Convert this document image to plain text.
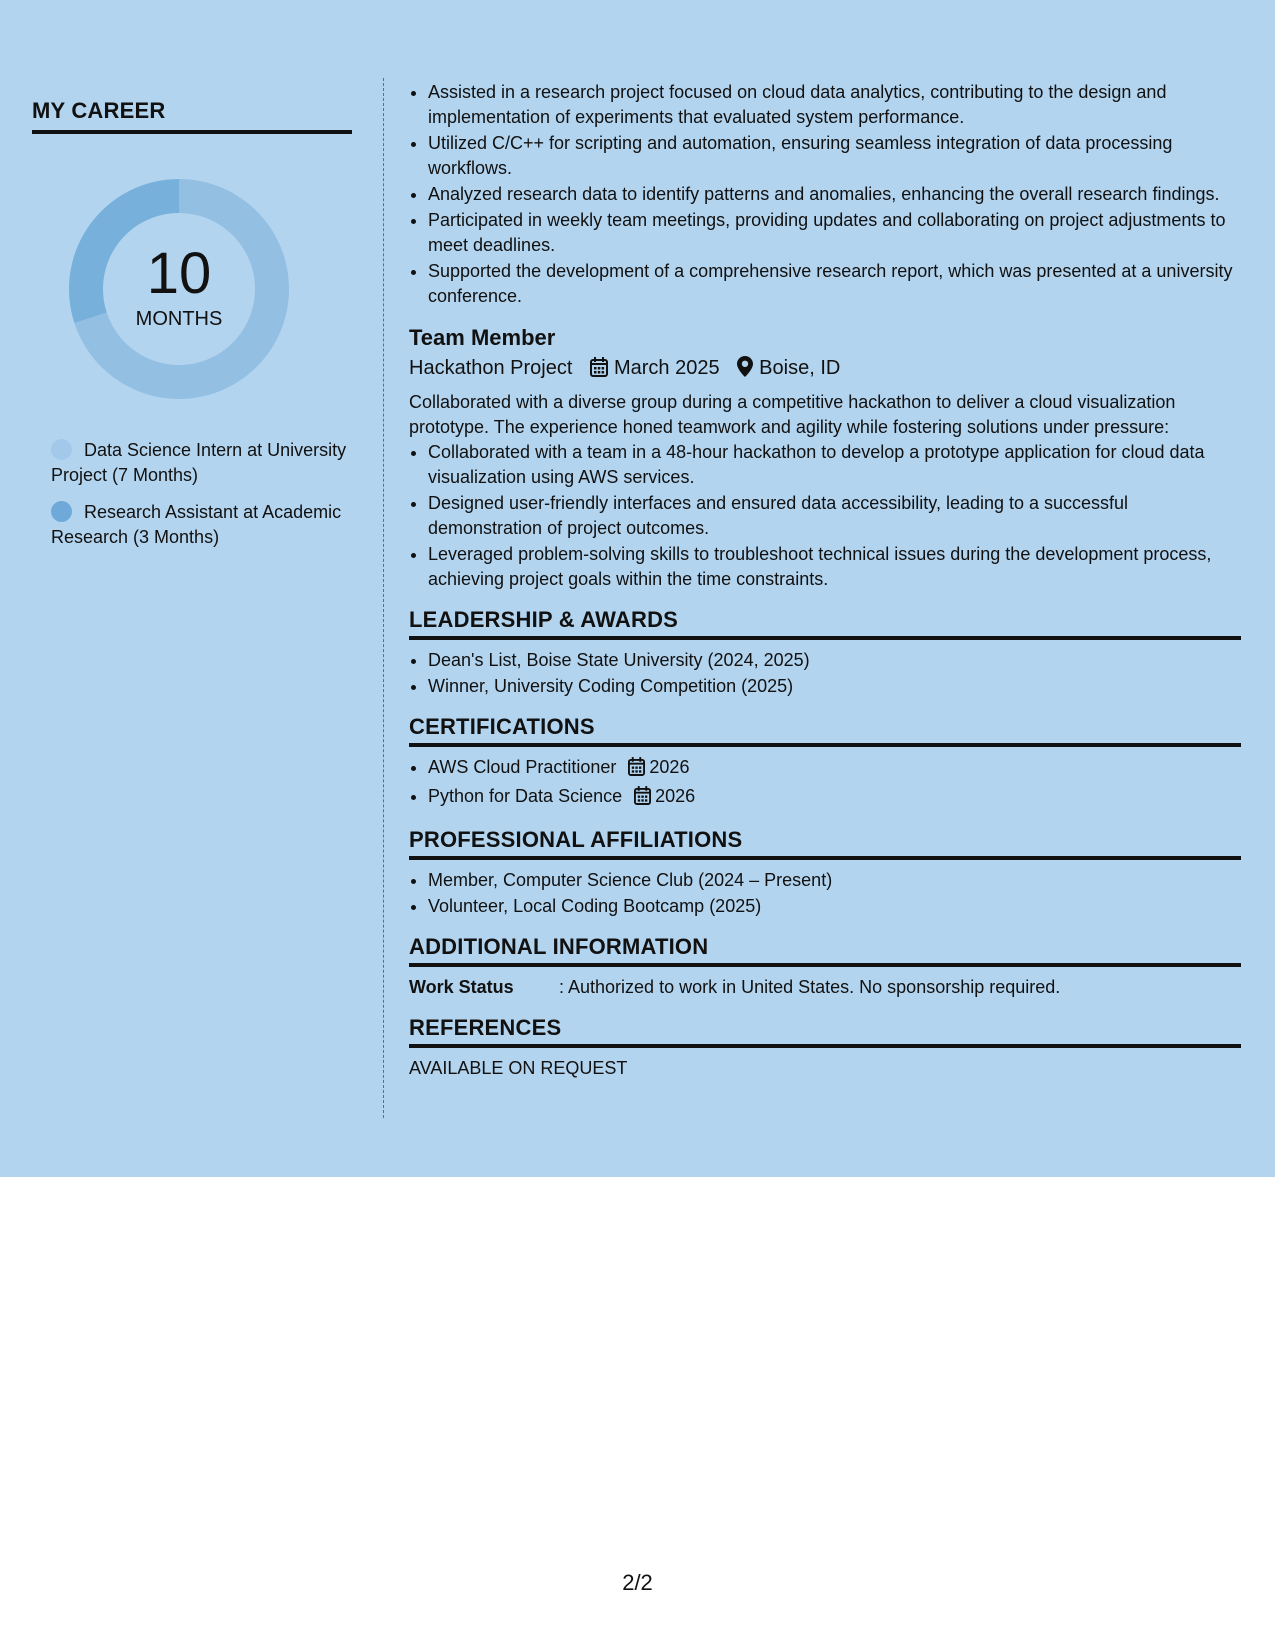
MY CAREER
10
MONTHS
Data Science Intern at University Project (7 Months)
Research Assistant at Academic Research (3 Months)
• Assisted in a research project focused on cloud data analytics, contributing to the design and implementation of experiments that evaluated system performance.
• Utilized C/C++ for scripting and automation, ensuring seamless integration of data processing workflows.
• Analyzed research data to identify patterns and anomalies, enhancing the overall research findings.
• Participated in weekly team meetings, providing updates and collaborating on project adjustments to meet deadlines.
• Supported the development of a comprehensive research report, which was presented at a university conference.
Team Member
Hackathon Project March 2025 Boise, ID
Collaborated with a diverse group during a competitive hackathon to deliver a cloud visualization prototype. The experience honed teamwork and agility while fostering solutions under pressure:
• Collaborated with a team in a 48-hour hackathon to develop a prototype application for cloud data visualization using AWS services.
• Designed user-friendly interfaces and ensured data accessibility, leading to a successful demonstration of project outcomes.
• Leveraged problem-solving skills to troubleshoot technical issues during the development process, achieving project goals within the time constraints.
LEADERSHIP & AWARDS
• Dean's List, Boise State University (2024, 2025)
• Winner, University Coding Competition (2025)
CERTIFICATIONS
• AWS Cloud Practitioner 2026
• Python for Data Science 2026
PROFESSIONAL AFFILIATIONS
• Member, Computer Science Club (2024 – Present)
• Volunteer, Local Coding Bootcamp (2025)
ADDITIONAL INFORMATION
Work Status	: Authorized to work in United States. No sponsorship required.
REFERENCES
AVAILABLE ON REQUEST
2/2
